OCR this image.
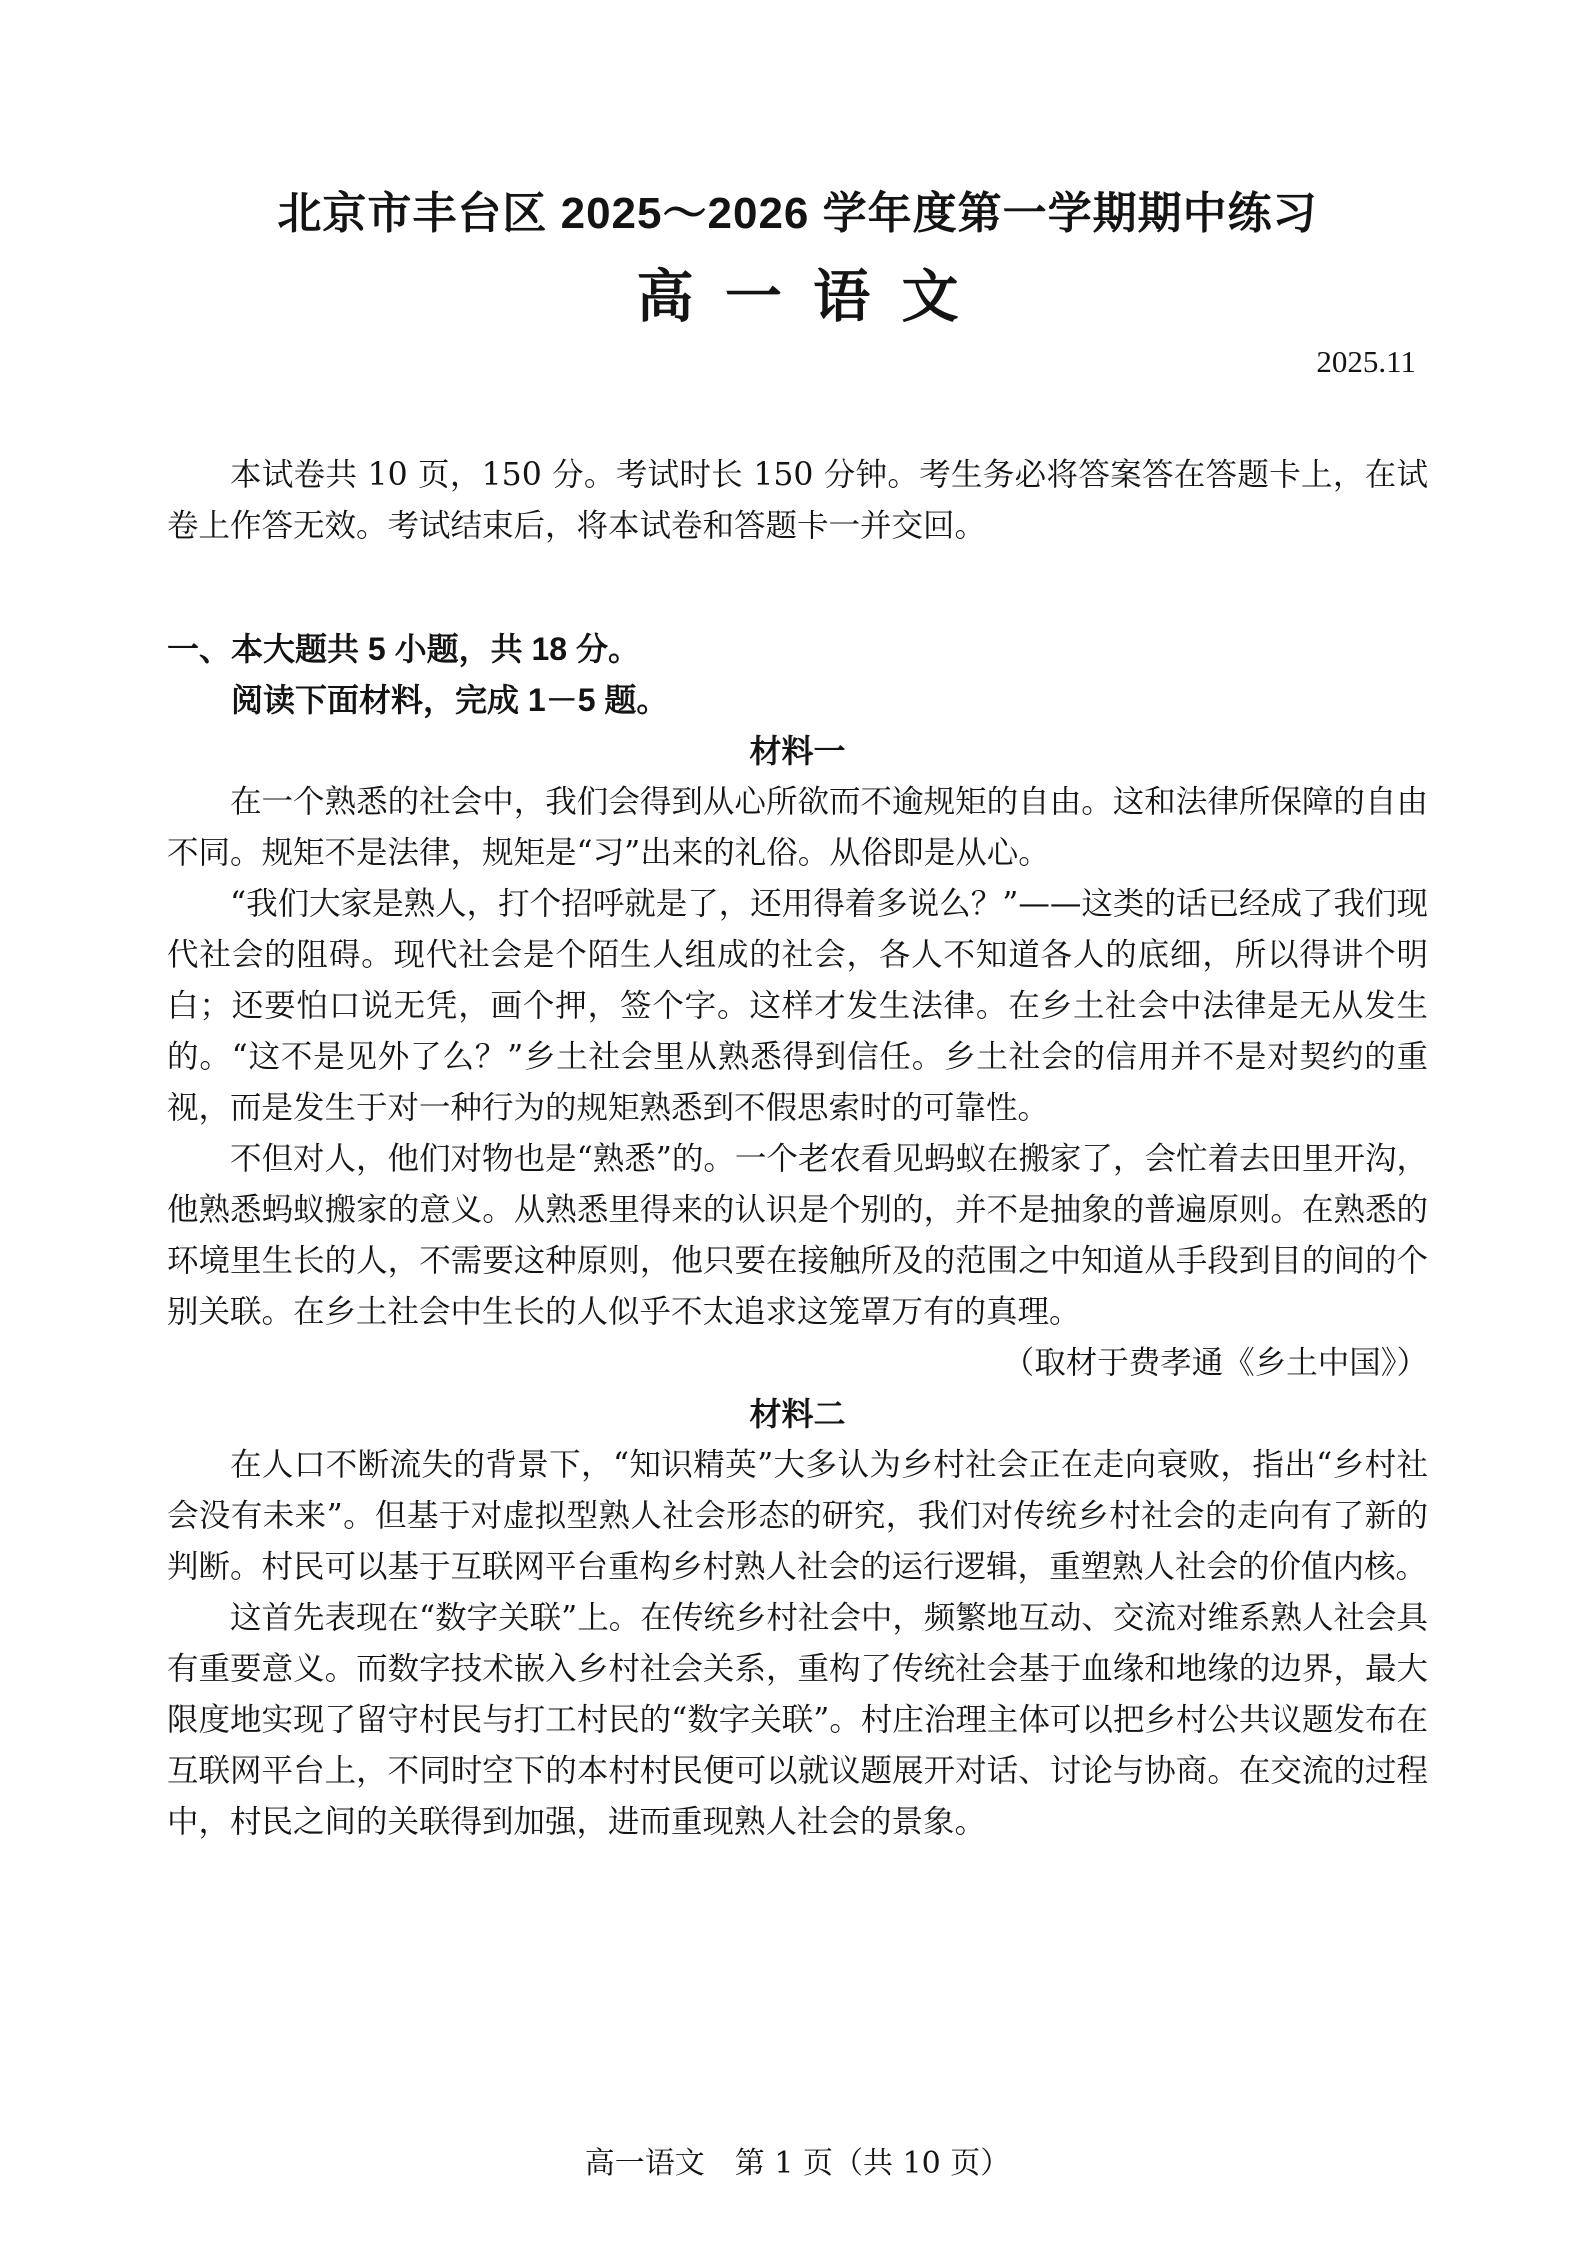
北京市丰台区 2025～2026 学年度第一学期期中练习
高一语文
2025.11

本试卷共 10 页，150 分。考试时长 150 分钟。考生务必将答案答在答题卡上，在试卷上作答无效。考试结束后，将本试卷和答题卡一并交回。

一、本大题共 5 小题，共 18 分。

阅读下面材料，完成 1－5 题。

材料一

在一个熟悉的社会中，我们会得到从心所欲而不逾规矩的自由。这和法律所保障的自由不同。规矩不是法律，规矩是“习”出来的礼俗。从俗即是从心。

“我们大家是熟人，打个招呼就是了，还用得着多说么？”——这类的话已经成了我们现代社会的阻碍。现代社会是个陌生人组成的社会，各人不知道各人的底细，所以得讲个明白；还要怕口说无凭，画个押，签个字。这样才发生法律。在乡土社会中法律是无从发生的。“这不是见外了么？”乡土社会里从熟悉得到信任。乡土社会的信用并不是对契约的重视，而是发生于对一种行为的规矩熟悉到不假思索时的可靠性。

不但对人，他们对物也是“熟悉”的。一个老农看见蚂蚁在搬家了，会忙着去田里开沟，他熟悉蚂蚁搬家的意义。从熟悉里得来的认识是个别的，并不是抽象的普遍原则。在熟悉的环境里生长的人，不需要这种原则，他只要在接触所及的范围之中知道从手段到目的间的个别关联。在乡土社会中生长的人似乎不太追求这笼罩万有的真理。

（取材于费孝通《乡土中国》）

材料二

在人口不断流失的背景下，“知识精英”大多认为乡村社会正在走向衰败，指出“乡村社会没有未来”。但基于对虚拟型熟人社会形态的研究，我们对传统乡村社会的走向有了新的判断。村民可以基于互联网平台重构乡村熟人社会的运行逻辑，重塑熟人社会的价值内核。

这首先表现在“数字关联”上。在传统乡村社会中，频繁地互动、交流对维系熟人社会具有重要意义。而数字技术嵌入乡村社会关系，重构了传统社会基于血缘和地缘的边界，最大限度地实现了留守村民与打工村民的“数字关联”。村庄治理主体可以把乡村公共议题发布在互联网平台上，不同时空下的本村村民便可以就议题展开对话、讨论与协商。在交流的过程中，村民之间的关联得到加强，进而重现熟人社会的景象。

高一语文　第 1 页（共 10 页）
